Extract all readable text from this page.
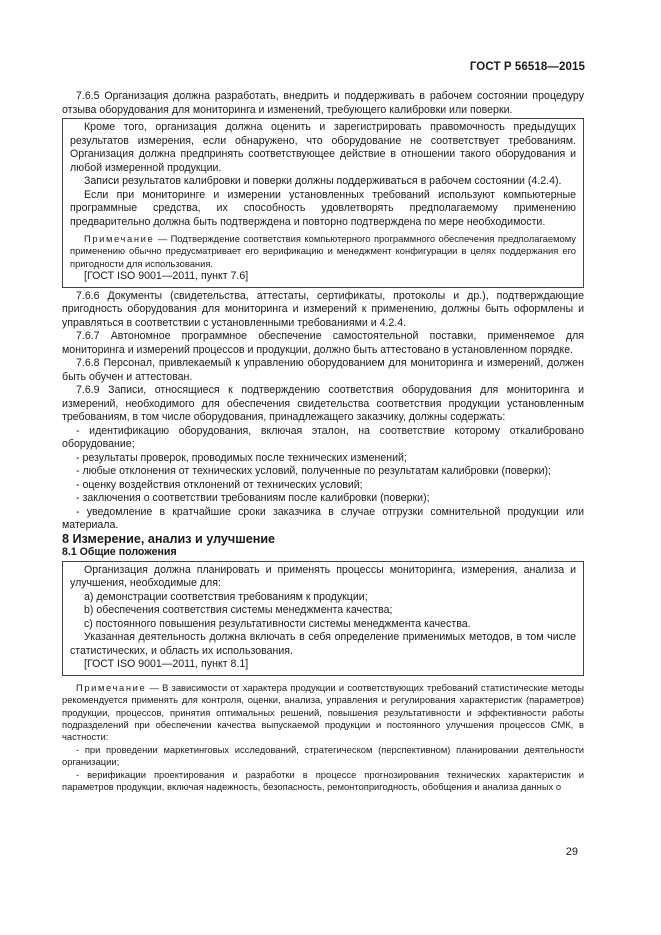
ГОСТ Р 56518—2015

7.6.5 Организация должна разработать, внедрить и поддерживать в рабочем состоянии процедуру отзыва оборудования для мониторинга и изменений, требующего калибровки или поверки.

Кроме того, организация должна оценить и зарегистрировать правомочность предыдущих результатов измерения, если обнаружено, что оборудование не соответствует требованиям. Организация должна предпринять соответствующее действие в отношении такого оборудования и любой измеренной продукции.

Записи результатов калибровки и поверки должны поддерживаться в рабочем состоянии (4.2.4).

Если при мониторинге и измерении установленных требований используют компьютерные программные средства, их способность удовлетворять предполагаемому применению предварительно должна быть подтверждена и повторно подтверждена по мере необходимости.

Примечание — Подтверждение соответствия компьютерного программного обеспечения предполагаемому применению обычно предусматривает его верификацию и менеджмент конфигурации в целях поддержания его пригодности для использования.

[ГОСТ ISO 9001—2011, пункт 7.6]

7.6.6 Документы (свидетельства, аттестаты, сертификаты, протоколы и др.), подтверждающие пригодность оборудования для мониторинга и измерений к применению, должны быть оформлены и управляться в соответствии с установленными требованиями и 4.2.4.

7.6.7 Автономное программное обеспечение самостоятельной поставки, применяемое для мониторинга и измерений процессов и продукции, должно быть аттестовано в установленном порядке.

7.6.8 Персонал, привлекаемый к управлению оборудованием для мониторинга и измерений, должен быть обучен и аттестован.

7.6.9 Записи, относящиеся к подтверждению соответствия оборудования для мониторинга и измерений, необходимого для обеспечения свидетельства соответствия продукции установленным требованиям, в том числе оборудования, принадлежащего заказчику, должны содержать:

- идентификацию оборудования, включая эталон, на соответствие которому откалибровано оборудование;

- результаты проверок, проводимых после технических изменений;

- любые отклонения от технических условий, полученные по результатам калибровки (поверки);

- оценку воздействия отклонений от технических условий;

- заключения о соответствии требованиям после калибровки (поверки);

- уведомление в кратчайшие сроки заказчика в случае отгрузки сомнительной продукции или материала.

8 Измерение, анализ и улучшение

8.1 Общие положения

Организация должна планировать и применять процессы мониторинга, измерения, анализа и улучшения, необходимые для:

a) демонстрации соответствия требованиям к продукции;

b) обеспечения соответствия системы менеджмента качества;

c) постоянного повышения результативности системы менеджмента качества.

Указанная деятельность должна включать в себя определение применимых методов, в том числе статистических, и область их использования.

[ГОСТ ISO 9001—2011, пункт 8.1]

Примечание — В зависимости от характера продукции и соответствующих требований статистические методы рекомендуется применять для контроля, оценки, анализа, управления и регулирования характеристик (параметров) продукции, процессов, принятия оптимальных решений, повышения результативности и эффективности работы подразделений при обеспечении качества выпускаемой продукции и постоянного улучшения процессов СМК, в частности:

- при проведении маркетинговых исследований, стратегическом (перспективном) планировании деятельности организации;

- верификации проектирования и разработки в процессе прогнозирования технических характеристик и параметров продукции, включая надежность, безопасность, ремонтопригодность, обобщения и анализа данных о

29
